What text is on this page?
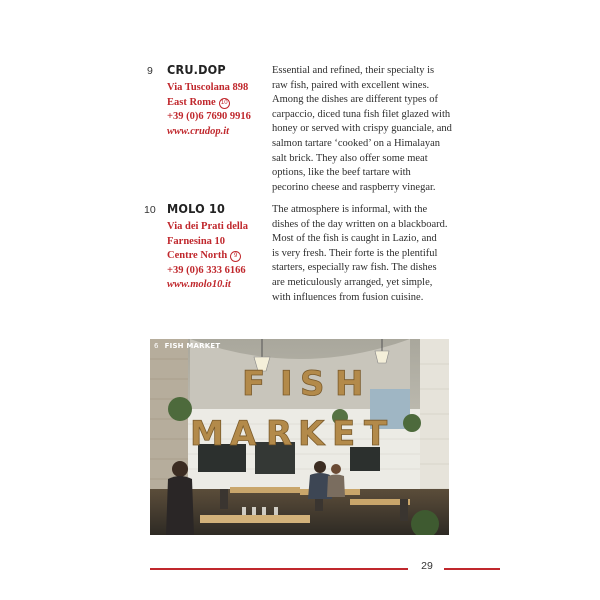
9	CRU.DOP
Via Tuscolana 898
East Rome 10
+39 (0)6 7690 9916
www.crudop.it
Essential and refined, their specialty is
raw fish, paired with excellent wines.
Among the dishes are different types of
carpaccio, diced tuna fish filet glazed with
honey or served with crispy guanciale, and
salmon tartare ‘cooked’ on a Himalayan
salt brick. They also offer some meat
options, like the beef tartare with
pecorino cheese and raspberry vinegar.
10 MOLO 10
Via dei Prati della
Farnesina 10
Centre North 9
+39 (0)6 333 6166
www.molo10.it
The atmosphere is informal, with the
dishes of the day written on a blackboard.
Most of the fish is caught in Lazio, and
is very fresh. Their forte is the plentiful
starters, especially raw fish. The dishes
are meticulously arranged, yet simple,
with influences from fusion cuisine.
F I S H
M A R K E T
6 FISH MARKET
29
